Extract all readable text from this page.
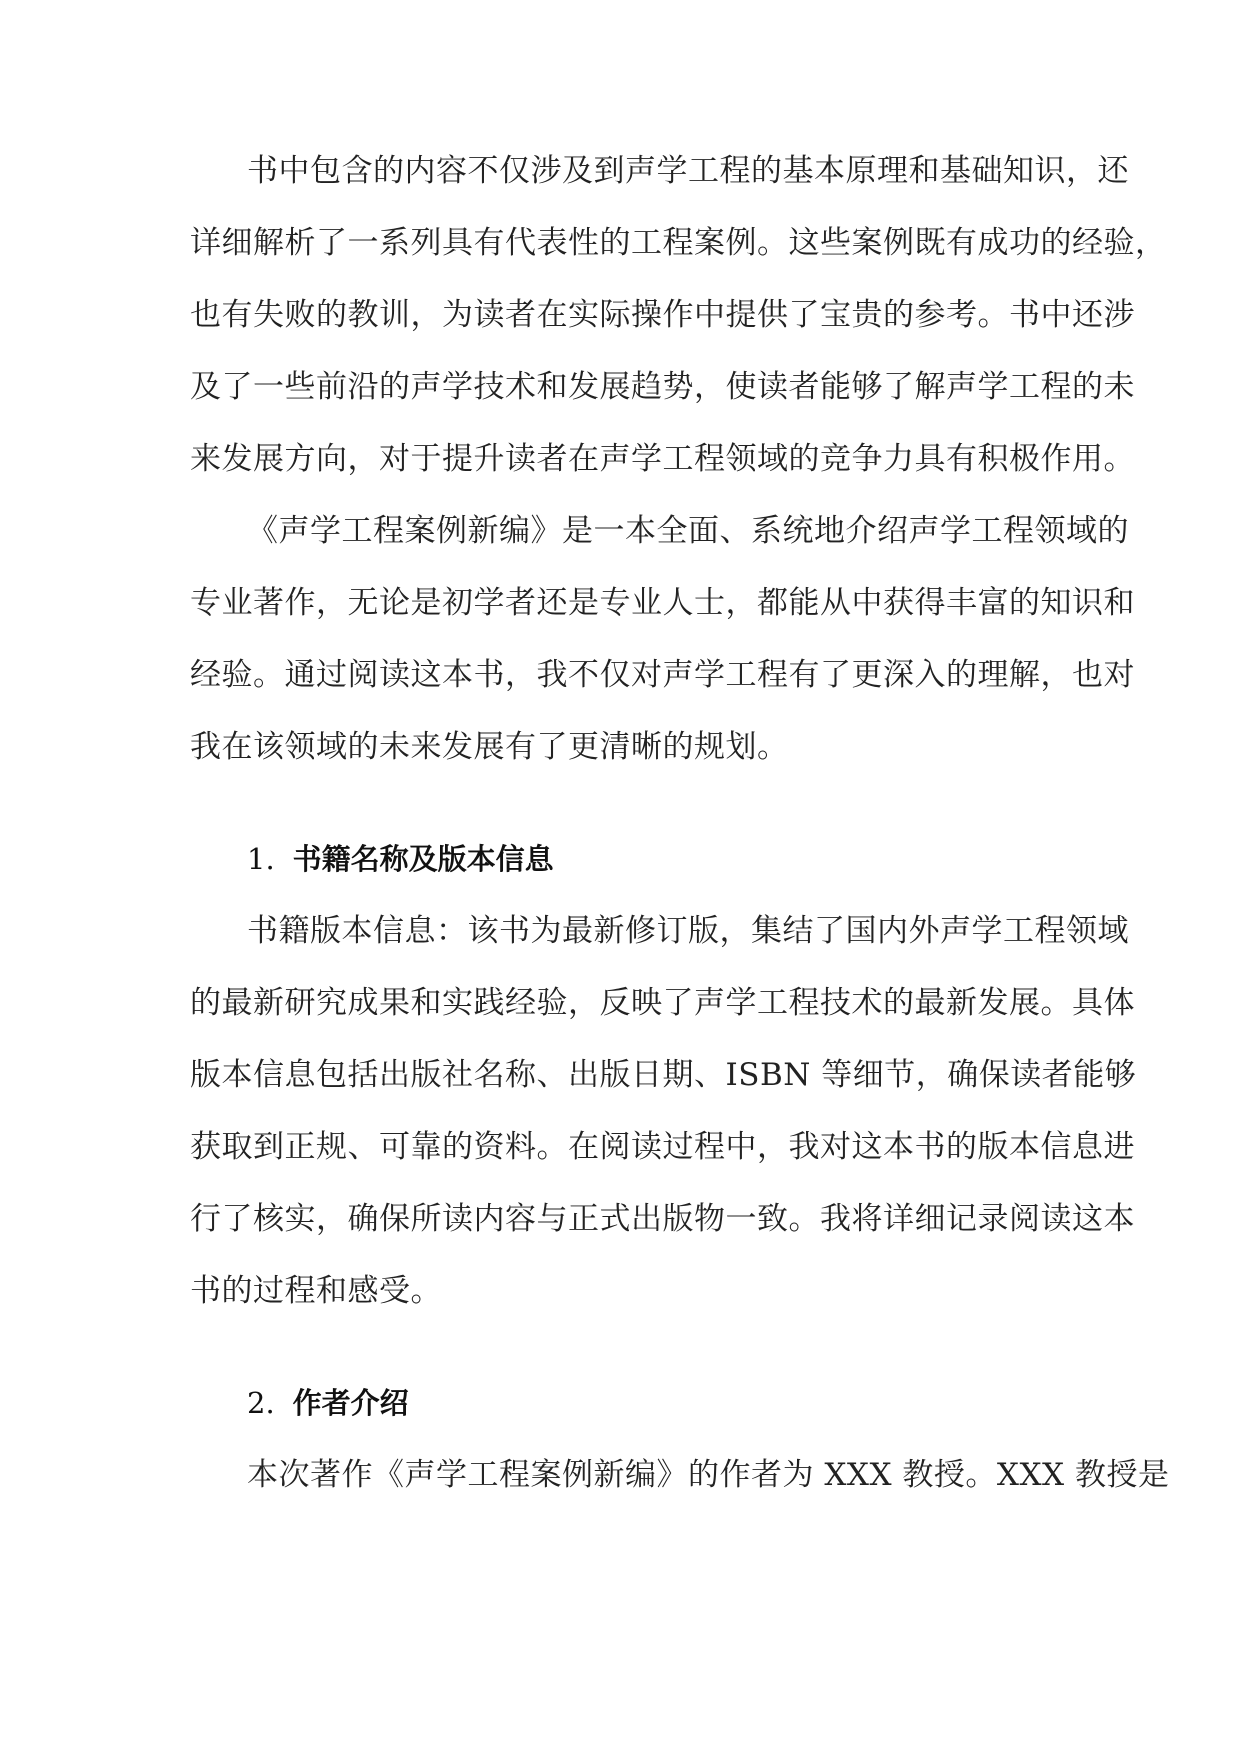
书中包含的内容不仅涉及到声学工程的基本原理和基础知识，还

详细解析了一系列具有代表性的工程案例。这些案例既有成功的经验，

也有失败的教训，为读者在实际操作中提供了宝贵的参考。书中还涉

及了一些前沿的声学技术和发展趋势，使读者能够了解声学工程的未

来发展方向，对于提升读者在声学工程领域的竞争力具有积极作用。

《声学工程案例新编》是一本全面、系统地介绍声学工程领域的

专业著作，无论是初学者还是专业人士，都能从中获得丰富的知识和

经验。通过阅读这本书，我不仅对声学工程有了更深入的理解，也对

我在该领域的未来发展有了更清晰的规划。

1. 书籍名称及版本信息

书籍版本信息：该书为最新修订版，集结了国内外声学工程领域

的最新研究成果和实践经验，反映了声学工程技术的最新发展。具体

版本信息包括出版社名称、出版日期、ISBN 等细节，确保读者能够

获取到正规、可靠的资料。在阅读过程中，我对这本书的版本信息进

行了核实，确保所读内容与正式出版物一致。我将详细记录阅读这本

书的过程和感受。

2. 作者介绍

本次著作《声学工程案例新编》的作者为 XXX 教授。XXX 教授是
